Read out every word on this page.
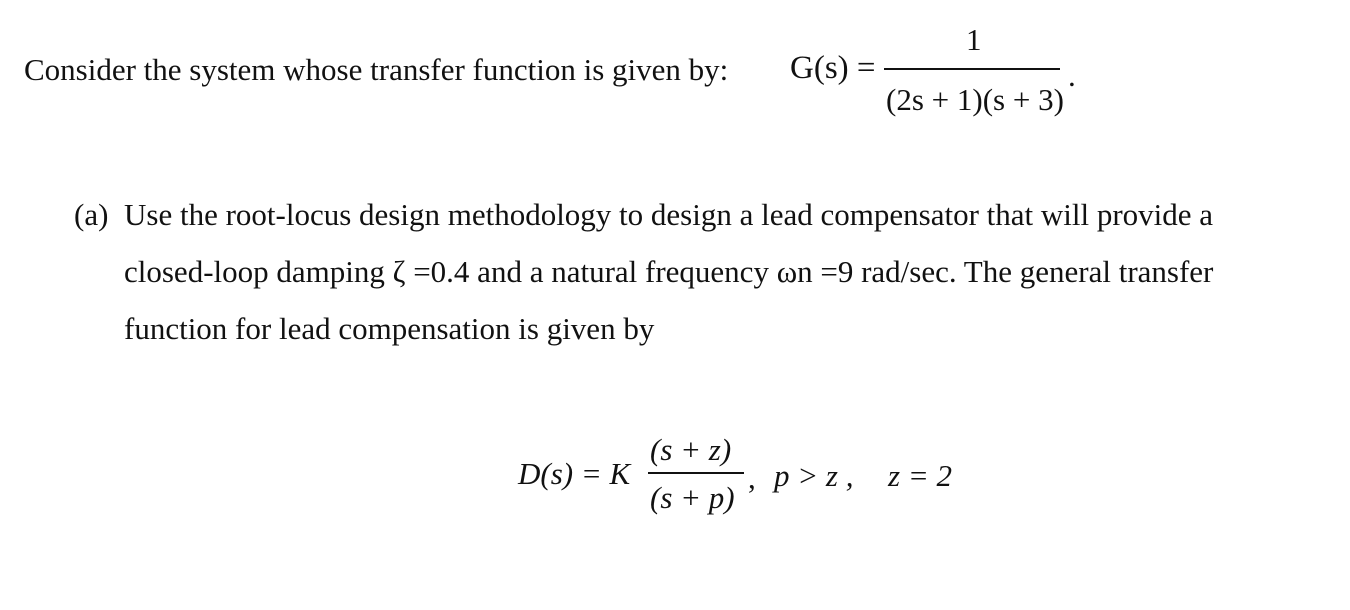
Consider the system whose transfer function is given by: G(s) =
1
(2s + 1)(s + 3)
.
(a) Use the root-locus design methodology to design a lead compensator that will provide a
closed-loop damping ζ =0.4 and a natural frequency ωn =9 rad/sec. The general transfer
function for lead compensation is given by
D(s) = K
(s + z)
(s + p)
, p > z , z = 2
